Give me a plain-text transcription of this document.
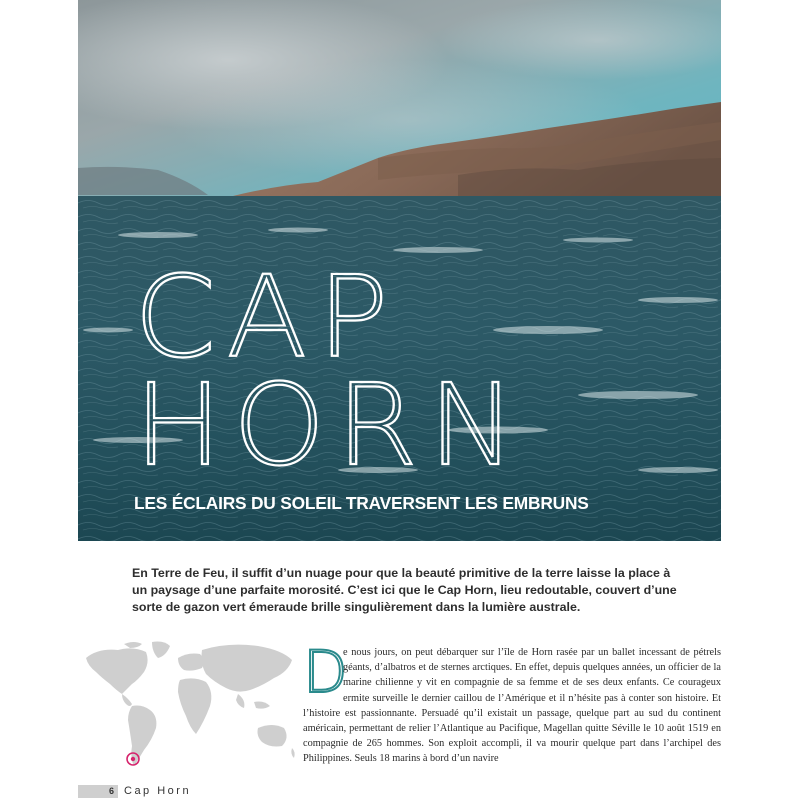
CAP
HORN
LES ÉCLAIRS DU SOLEIL TRAVERSENT LES EMBRUNS

En Terre de Feu, il suffit d’un nuage pour que la beauté primitive de la terre laisse la place à un paysage d’une parfaite morosité. C’est ici que le Cap Horn, lieu redoutable, couvert d’une sorte de gazon vert émeraude brille singulièrement dans la lumière australe.

D

e nous jours, on peut débarquer sur l’île de Horn rasée par un ballet incessant de pétrels géants, d’albatros et de sternes arctiques. En effet, depuis quelques années, un officier de la marine chilienne y vit en compagnie de sa femme et de ses deux enfants. Ce courageux ermite surveille le dernier caillou de l’Amérique et il n’hésite pas à conter son histoire. Et l’histoire est passionnante. Persuadé qu’il existait un passage, quelque part au sud du continent américain, permettant de relier l’Atlantique au Pacifique, Magellan quitte Séville le 10 août 1519 en compagnie de 265 hommes. Son exploit accompli, il va mourir quelque part dans l’archipel des Philippines. Seuls 18 marins à bord d’un navire

6 Cap Horn
